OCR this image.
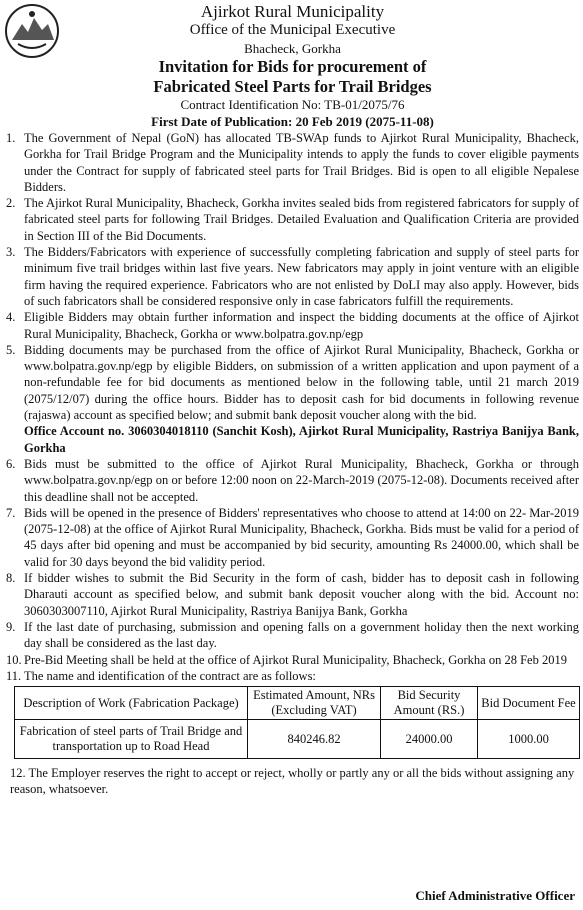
Ajirkot Rural Municipality
Office of the Municipal Executive
Bhacheck, Gorkha
Invitation for Bids for procurement of
Fabricated Steel Parts for Trail Bridges
Contract Identification No: TB-01/2075/76
First Date of Publication: 20 Feb 2019 (2075-11-08)
1. The Government of Nepal (GoN) has allocated TB-SWAp funds to Ajirkot Rural Municipality, Bhacheck, Gorkha for Trail Bridge Program and the Municipality intends to apply the funds to cover eligible payments under the Contract for supply of fabricated steel parts for Trail Bridges. Bid is open to all eligible Nepalese Bidders.
2. The Ajirkot Rural Municipality, Bhacheck, Gorkha invites sealed bids from registered fabricators for supply of fabricated steel parts for following Trail Bridges. Detailed Evaluation and Qualification Criteria are provided in Section III of the Bid Documents.
3. The Bidders/Fabricators with experience of successfully completing fabrication and supply of steel parts for minimum five trail bridges within last five years. New fabricators may apply in joint venture with an eligible firm having the required experience. Fabricators who are not enlisted by DoLI may also apply. However, bids of such fabricators shall be considered responsive only in case fabricators fulfill the requirements.
4. Eligible Bidders may obtain further information and inspect the bidding documents at the office of Ajirkot Rural Municipality, Bhacheck, Gorkha or www.bolpatra.gov.np/egp
5. Bidding documents may be purchased from the office of Ajirkot Rural Municipality, Bhacheck, Gorkha or www.bolpatra.gov.np/egp by eligible Bidders, on submission of a written application and upon payment of a non-refundable fee for bid documents as mentioned below in the following table, until 21 march 2019 (2075/12/07) during the office hours. Bidder has to deposit cash for bid documents in following revenue (rajaswa) account as specified below; and submit bank deposit voucher along with the bid.
Office Account no. 3060304018110 (Sanchit Kosh), Ajirkot Rural Municipality, Rastriya Banijya Bank, Gorkha
6. Bids must be submitted to the office of Ajirkot Rural Municipality, Bhacheck, Gorkha or through www.bolpatra.gov.np/egp on or before 12:00 noon on 22-March-2019 (2075-12-08). Documents received after this deadline shall not be accepted.
7. Bids will be opened in the presence of Bidders' representatives who choose to attend at 14:00 on 22- Mar-2019 (2075-12-08) at the office of Ajirkot Rural Municipality, Bhacheck, Gorkha. Bids must be valid for a period of 45 days after bid opening and must be accompanied by bid security, amounting Rs 24000.00, which shall be valid for 30 days beyond the bid validity period.
8. If bidder wishes to submit the Bid Security in the form of cash, bidder has to deposit cash in following Dharauti account as specified below, and submit bank deposit voucher along with the bid. Account no: 3060303007110, Ajirkot Rural Municipality, Rastriya Banijya Bank, Gorkha
9. If the last date of purchasing, submission and opening falls on a government holiday then the next working day shall be considered as the last day.
10. Pre-Bid Meeting shall be held at the office of Ajirkot Rural Municipality, Bhacheck, Gorkha on 28 Feb 2019
11. The name and identification of the contract are as follows:
Description of Work (Fabrication Package)	Estimated Amount, NRs (Excluding VAT)	Bid Security Amount (RS.)	Bid Document Fee
Fabrication of steel parts of Trail Bridge and transportation up to Road Head	840246.82	24000.00	1000.00
12. The Employer reserves the right to accept or reject, wholly or partly any or all the bids without assigning any reason, whatsoever.
Chief Administrative Officer
